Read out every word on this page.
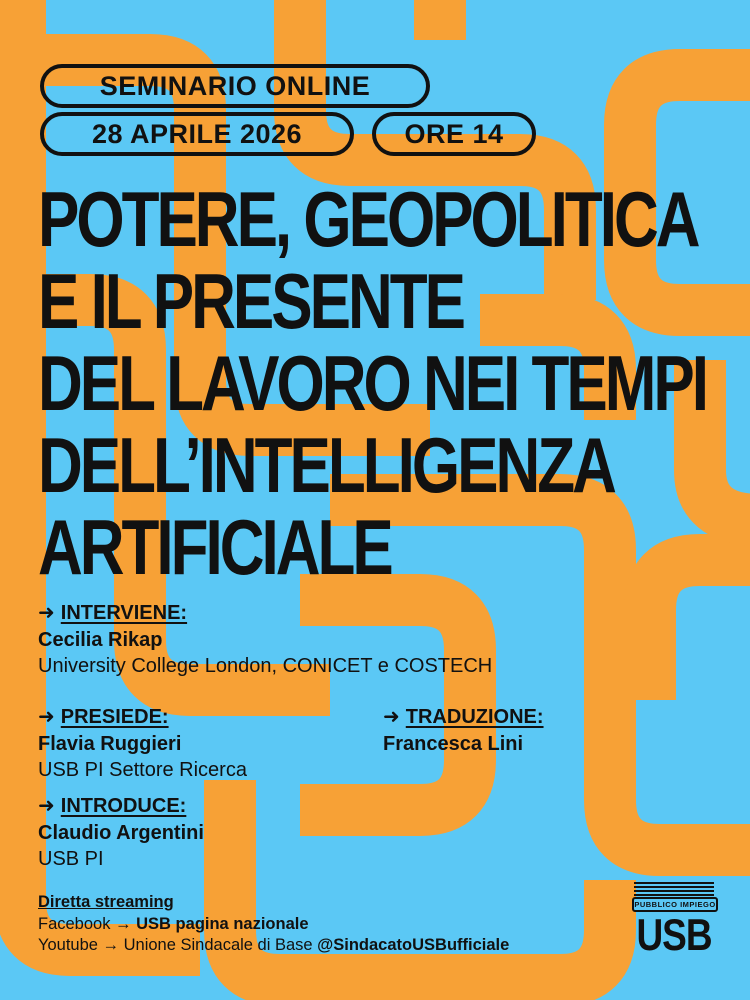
SEMINARIO ONLINE
28 APRILE 2026	ORE 14
POTERE, GEOPOLITICA
E IL PRESENTE
DEL LAVORO NEI TEMPI
DELL’INTELLIGENZA
ARTIFICIALE
➜ INTERVIENE:
Cecilia Rikap
University College London, CONICET e COSTECH
➜ PRESIEDE:
Flavia Ruggieri
USB PI Settore Ricerca
➜ TRADUZIONE:
Francesca Lini
➜ INTRODUCE:
Claudio Argentini
USB PI
Diretta streaming
Facebook → USB pagina nazionale
Youtube → Unione Sindacale di Base @SindacatoUSBufficiale
PUBBLICO IMPIEGO
USB
